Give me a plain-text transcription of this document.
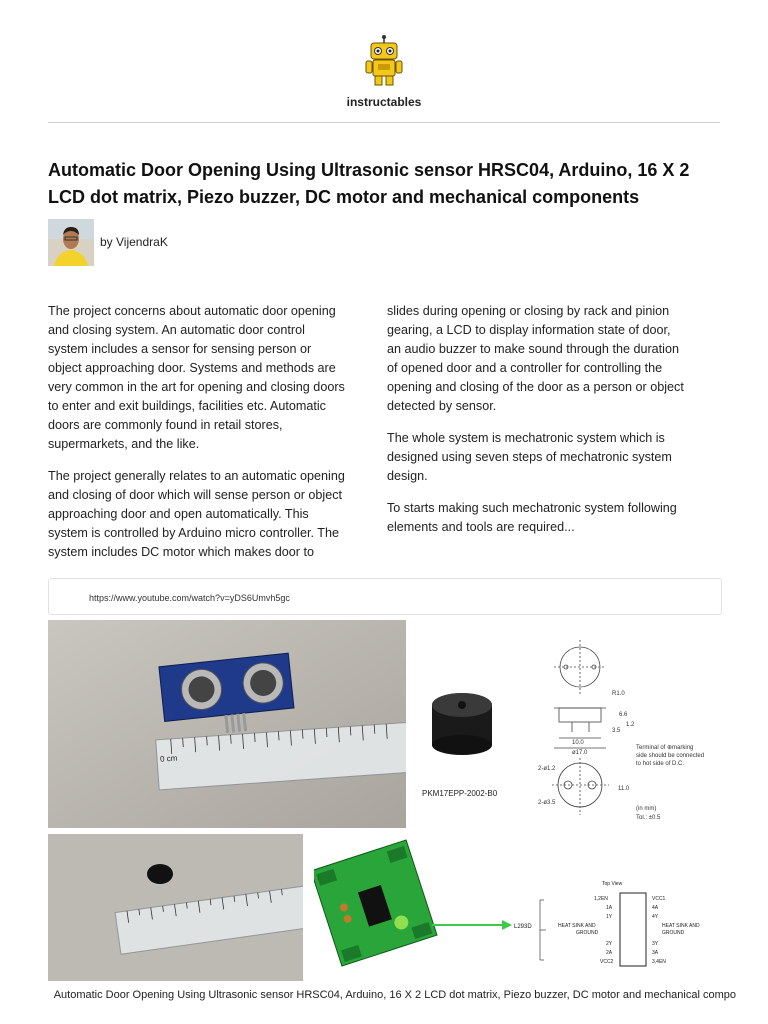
instructables
Automatic Door Opening Using Ultrasonic sensor HRSC04, Arduino, 16 X 2 LCD dot matrix, Piezo buzzer, DC motor and mechanical components
by VijendraK

The project concerns about automatic door opening and closing system. An automatic door control system includes a sensor for sensing person or object approaching door. Systems and methods are very common in the art for opening and closing doors to enter and exit buildings, facilities etc. Automatic doors are commonly found in retail stores, supermarkets, and the like.

The project generally relates to an automatic opening and closing of door which will sense person or object approaching door and open automatically. This system is controlled by Arduino micro controller. The system includes DC motor which makes door to

slides during opening or closing by rack and pinion gearing, a LCD to display information state of door, an audio buzzer to make sound through the duration of opened door and a controller for controlling the opening and closing of the door as a person or object detected by sensor.

The whole system is mechatronic system which is designed using seven steps of mechatronic system design.

To starts making such mechatronic system following elements and tools are required...

https://www.youtube.com/watch?v=yDS6Umvh5gc
0 cm
PKM17EPP-2002-B0
R1.0
6.6
3.5
1.2
10.0
ø17.0
2-ø1.2
2-ø3.5
11.0
Terminal of ⊕marking
side should be connected
to hot side of D.C.
(in mm)
Tol.: ±0.5
Top View
L293D
1,2EN
1A
1Y
2Y
2A
VCC2
VCC1
4A
4Y
3Y
3A
3,4EN
HEAT SINK AND
GROUND
HEAT SINK AND
GROUND
Automatic Door Opening Using Ultrasonic sensor HRSC04, Arduino, 16 X 2 LCD dot matrix, Piezo buzzer, DC motor and mechanical compo
